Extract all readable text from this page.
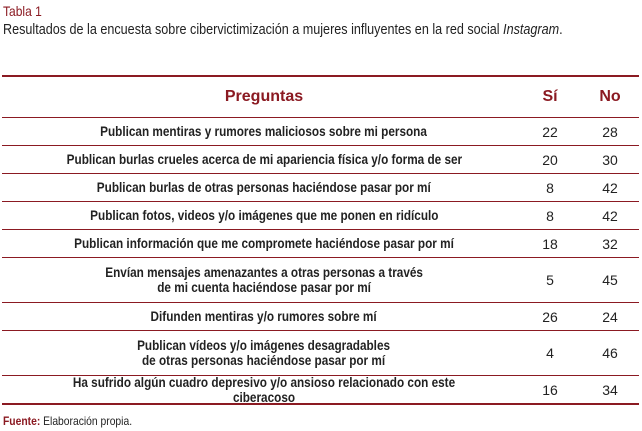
Tabla 1
Resultados de la encuesta sobre cibervictimización a mujeres influyentes en la red social Instagram.
Preguntas	Sí	No
Publican mentiras y rumores maliciosos sobre mi persona	22	28
Publican burlas crueles acerca de mi apariencia física y/o forma de ser	20	30
Publican burlas de otras personas haciéndose pasar por mí	8	42
Publican fotos, videos y/o imágenes que me ponen en ridículo	8	42
Publican información que me compromete haciéndose pasar por mí	18	32
Envían mensajes amenazantes a otras personas a través
de mi cuenta haciéndose pasar por mí	5	45
Difunden mentiras y/o rumores sobre mí	26	24
Publican vídeos y/o imágenes desagradables
de otras personas haciéndose pasar por mí	4	46
Ha sufrido algún cuadro depresivo y/o ansioso relacionado con este ciberacoso	16	34
Fuente: Elaboración propia.
